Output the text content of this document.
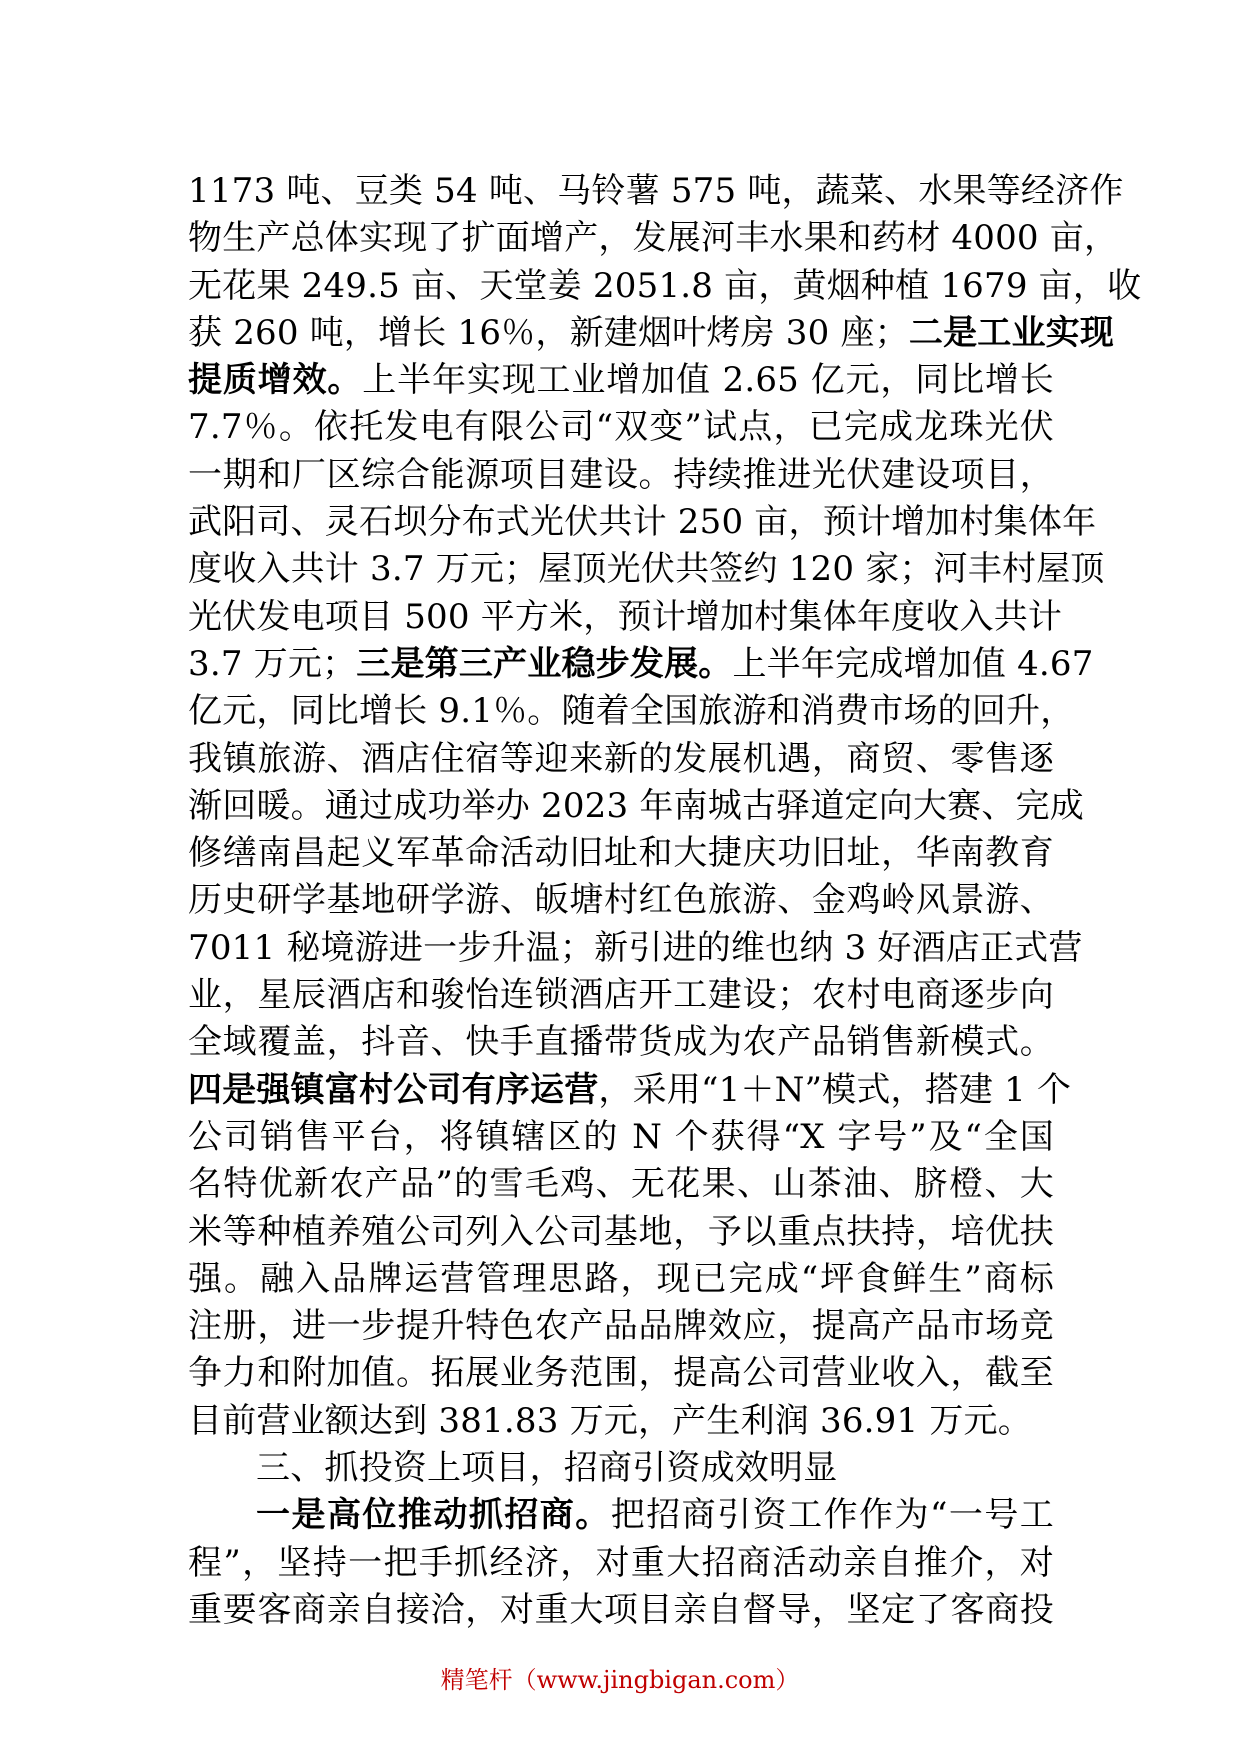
1173 吨、豆类 54 吨、马铃薯 575 吨，蔬菜、水果等经济作
物生产总体实现了扩面增产，发展河丰水果和药材 4000 亩，
无花果 249.5 亩、天堂姜 2051.8 亩，黄烟种植 1679 亩，收
获 260 吨，增长 16％，新建烟叶烤房 30 座；二是工业实现
提质增效。上半年实现工业增加值 2.65 亿元，同比增长
7.7％。依托发电有限公司“双变”试点，已完成龙珠光伏
一期和厂区综合能源项目建设。持续推进光伏建设项目，
武阳司、灵石坝分布式光伏共计 250 亩，预计增加村集体年
度收入共计 3.7 万元；屋顶光伏共签约 120 家；河丰村屋顶
光伏发电项目 500 平方米，预计增加村集体年度收入共计
3.7 万元；三是第三产业稳步发展。上半年完成增加值 4.67
亿元，同比增长 9.1％。随着全国旅游和消费市场的回升，
我镇旅游、酒店住宿等迎来新的发展机遇，商贸、零售逐
渐回暖。通过成功举办 2023 年南城古驿道定向大赛、完成
修缮南昌起义军革命活动旧址和大捷庆功旧址，华南教育
历史研学基地研学游、皈塘村红色旅游、金鸡岭风景游、
7011 秘境游进一步升温；新引进的维也纳 3 好酒店正式营
业，星辰酒店和骏怡连锁酒店开工建设；农村电商逐步向
全域覆盖，抖音、快手直播带货成为农产品销售新模式。
四是强镇富村公司有序运营，采用“1＋N”模式，搭建 1 个
公司销售平台，将镇辖区的 N 个获得“X 字号”及“全国
名特优新农产品”的雪毛鸡、无花果、山茶油、脐橙、大
米等种植养殖公司列入公司基地，予以重点扶持，培优扶
强。融入品牌运营管理思路，现已完成“坪食鲜生”商标
注册，进一步提升特色农产品品牌效应，提高产品市场竞
争力和附加值。拓展业务范围，提高公司营业收入，截至
目前营业额达到 381.83 万元，产生利润 36.91 万元。
三、抓投资上项目，招商引资成效明显
一是高位推动抓招商。把招商引资工作作为“一号工
程”，坚持一把手抓经济，对重大招商活动亲自推介，对
重要客商亲自接洽，对重大项目亲自督导，坚定了客商投
精笔杆（www.jingbigan.com）
